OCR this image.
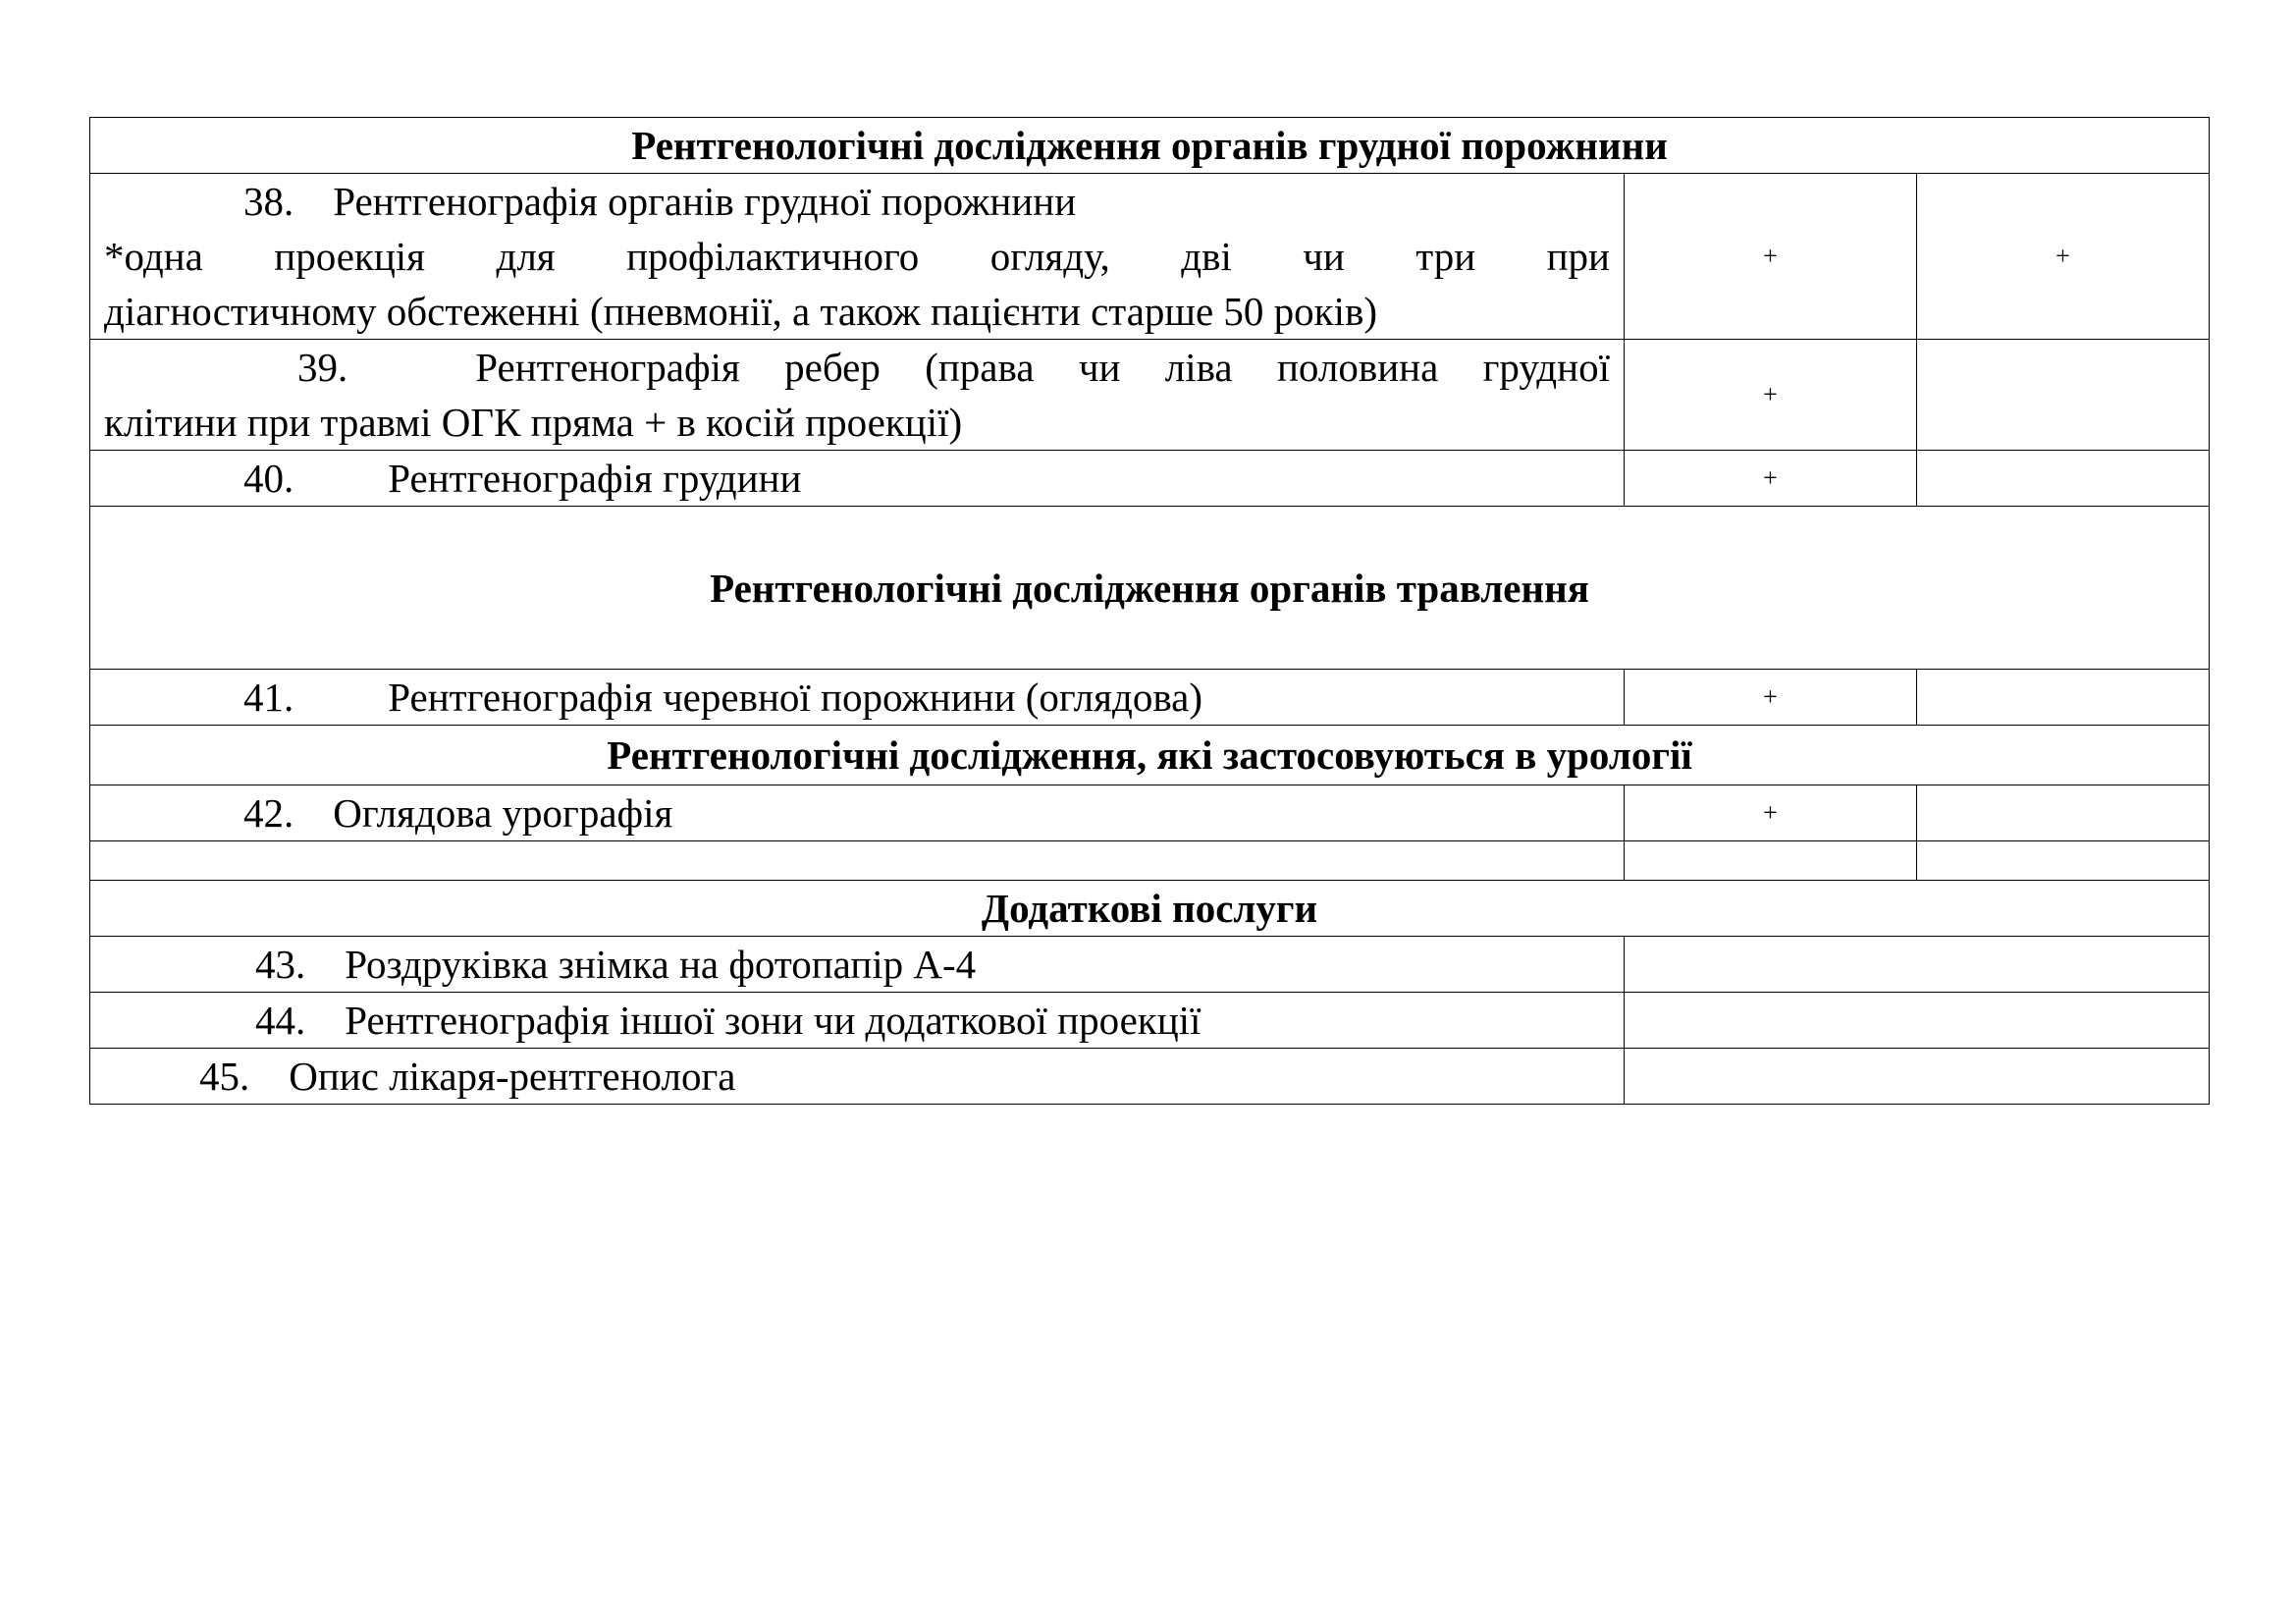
Рентгенологічні дослідження органів грудної порожнини		

38. Рентгенографія органів грудної порожнини
*одна проекція для профілактичного огляду, дві чи три при
діагностичному обстеженні (пневмонії, а також пацієнти старше 50 років)	+	+

39. Рентгенографія ребер (права чи ліва половина грудної
клітини при травмі ОГК пряма + в косій проекції)	+	

40. Рентгенографія грудини	+	
Рентгенологічні дослідження органів травлення		

41. Рентгенографія черевної порожнини (оглядова)	+	
Рентгенологічні дослідження, які застосовуються в урології		

42. Оглядова урографія	+	

Додаткові послуги		

43. Роздруківка знімка на фотопапір А-4		

44. Рентгенографія іншої зони чи додаткової проекції		

45. Опис лікаря-рентгенолога		
